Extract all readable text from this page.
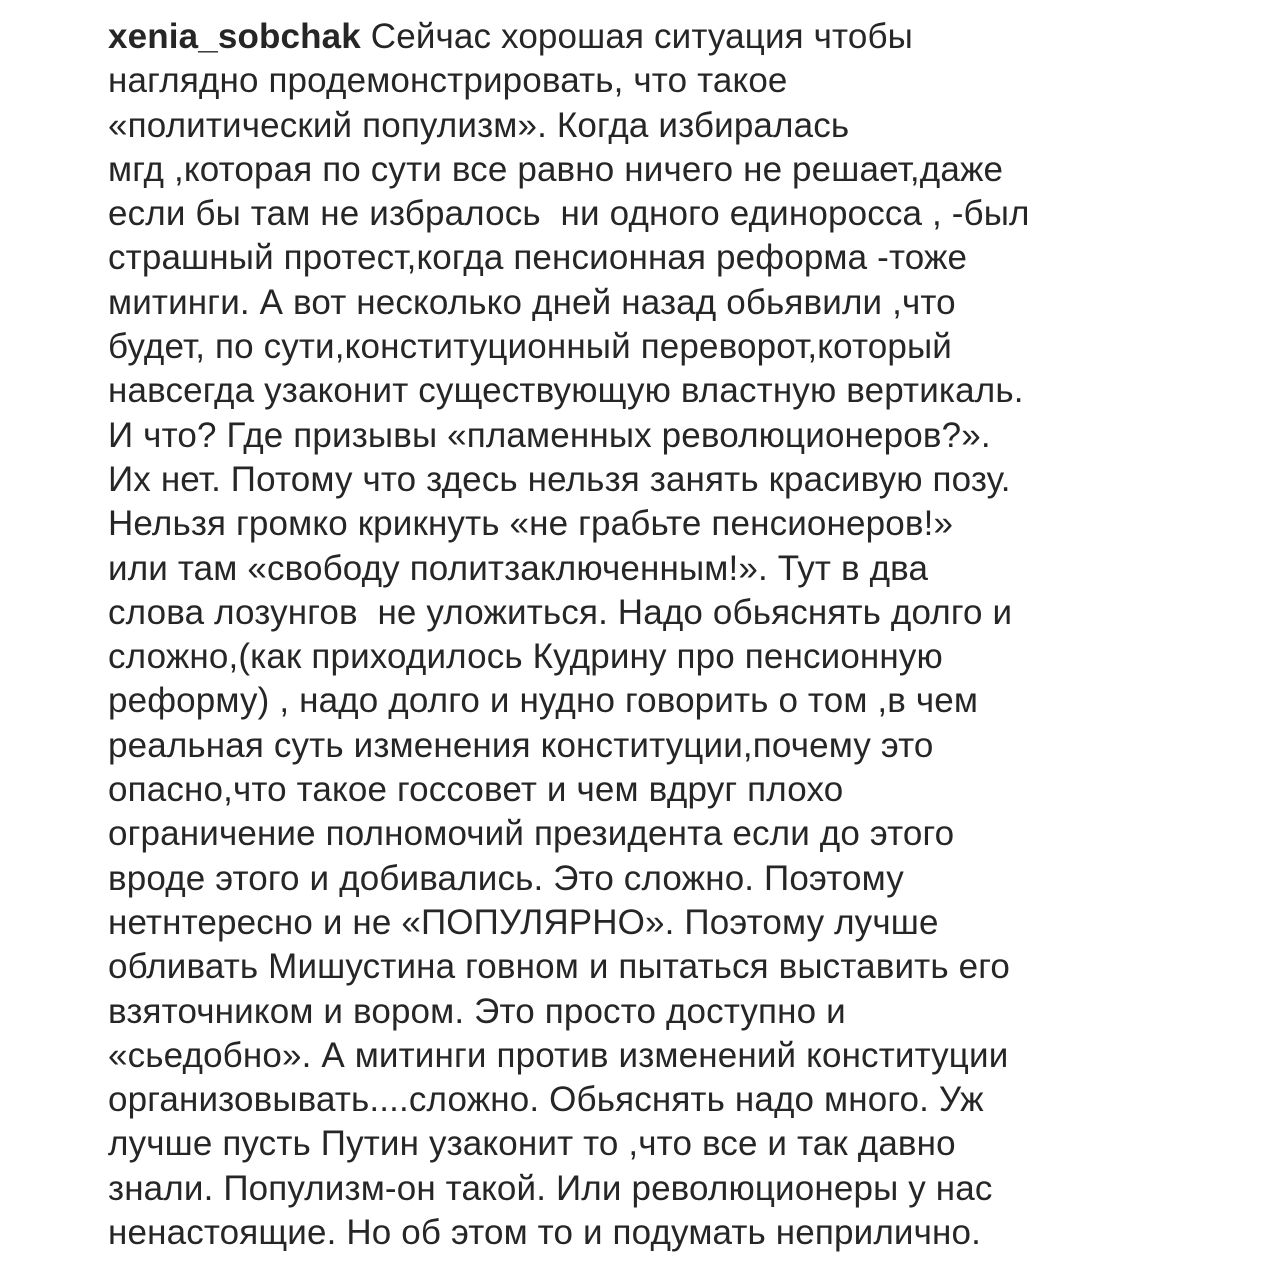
xenia_sobchak Сейчас хорошая ситуация чтобы
наглядно продемонстрировать, что такое
«политический популизм». Когда избиралась
мгд ,которая по сути все равно ничего не решает,даже
если бы там не избралось  ни одного единоросса , -был
страшный протест,когда пенсионная реформа -тоже
митинги. А вот несколько дней назад обьявили ,что
будет, по сути,конституционный переворот,который
навсегда узаконит существующую властную вертикаль.
И что? Где призывы «пламенных революционеров?».
Их нет. Потому что здесь нельзя занять красивую позу.
Нельзя громко крикнуть «не грабьте пенсионеров!»
или там «свободу политзаключенным!». Тут в два
слова лозунгов  не уложиться. Надо обьяснять долго и
сложно,(как приходилось Кудрину про пенсионную
реформу) , надо долго и нудно говорить о том ,в чем
реальная суть изменения конституции,почему это
опасно,что такое госсовет и чем вдруг плохо
ограничение полномочий президента если до этого
вроде этого и добивались. Это сложно. Поэтому
нетнтересно и не «ПОПУЛЯРНО». Поэтому лучше
обливать Мишустина говном и пытаться выставить его
взяточником и вором. Это просто доступно и
«сьедобно». А митинги против изменений конституции
организовывать....сложно. Обьяснять надо много. Уж
лучше пусть Путин узаконит то ,что все и так давно
знали. Популизм-он такой. Или революционеры у нас
ненастоящие. Но об этом то и подумать неприлично.
